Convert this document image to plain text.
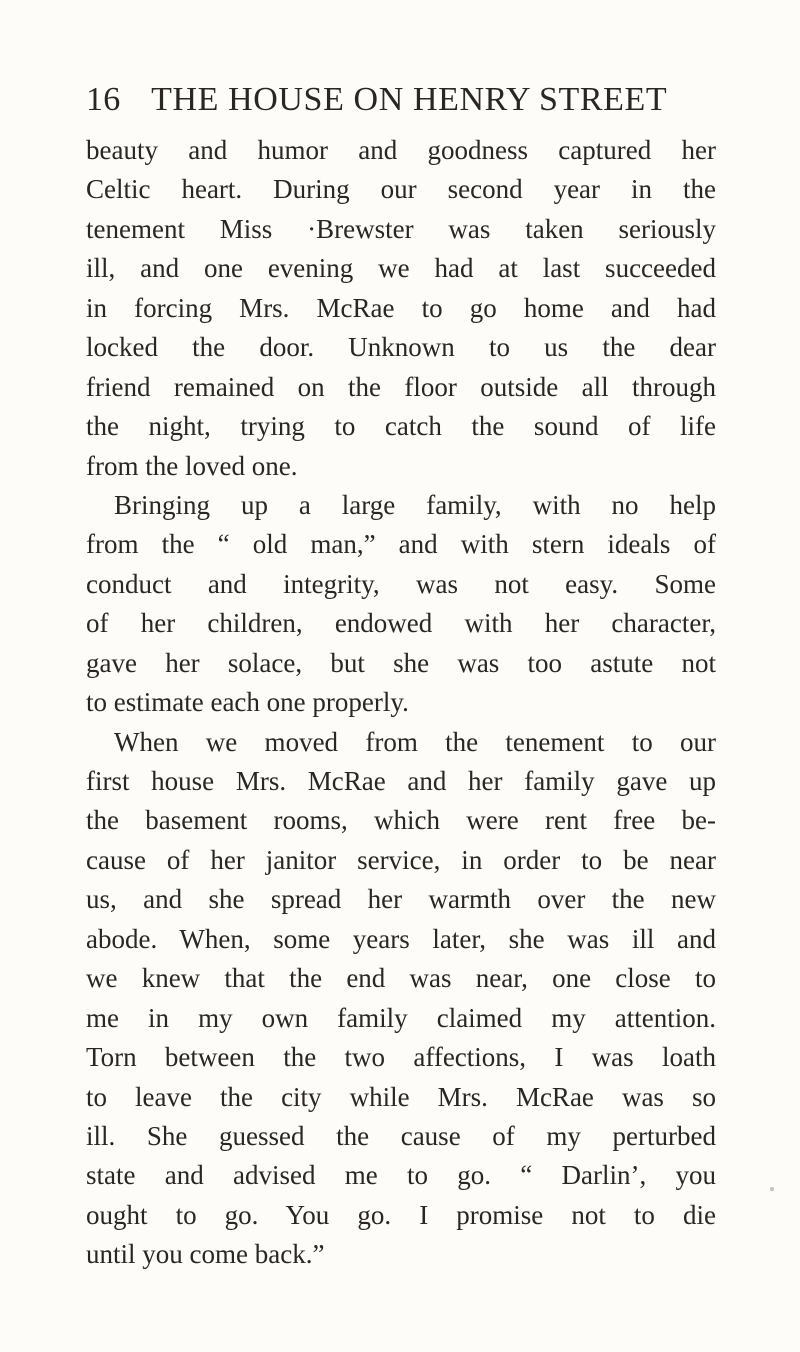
16 THE HOUSE ON HENRY STREET
beauty and humor and goodness captured her
Celtic heart. During our second year in the
tenement Miss ·Brewster was taken seriously
ill, and one evening we had at last succeeded
in forcing Mrs. McRae to go home and had
locked the door. Unknown to us the dear
friend remained on the floor outside all through
the night, trying to catch the sound of life
from the loved one.
Bringing up a large family, with no help
from the “ old man,” and with stern ideals of
conduct and integrity, was not easy. Some
of her children, endowed with her character,
gave her solace, but she was too astute not
to estimate each one properly.
When we moved from the tenement to our
first house Mrs. McRae and her family gave up
the basement rooms, which were rent free be-
cause of her janitor service, in order to be near
us, and she spread her warmth over the new
abode. When, some years later, she was ill and
we knew that the end was near, one close to
me in my own family claimed my attention.
Torn between the two affections, I was loath
to leave the city while Mrs. McRae was so
ill. She guessed the cause of my perturbed
state and advised me to go. “ Darlin’, you
ought to go. You go. I promise not to die
until you come back.”
